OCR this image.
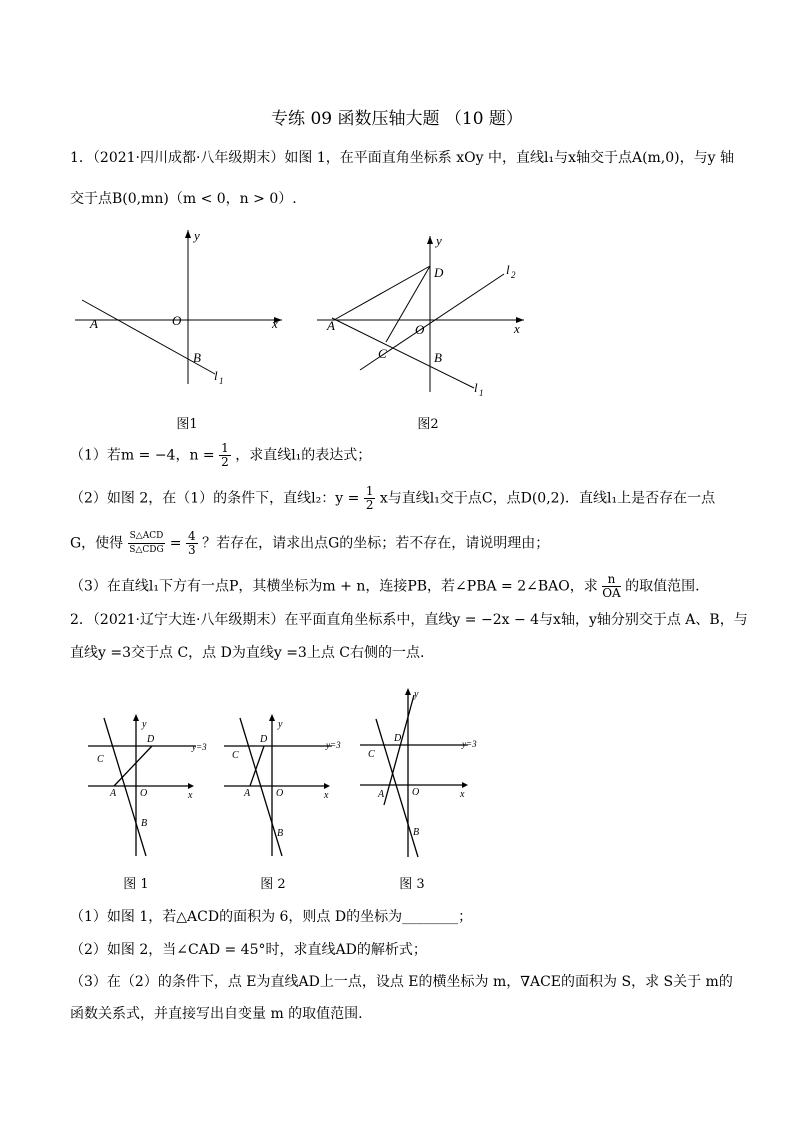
专练 09 函数压轴大题 （10 题）
1．（2021·四川成都·八年级期末）如图 1，在平面直角坐标系 xOy 中，直线l₁与x轴交于点A(m,0)，与y 轴
交于点B(0,mn)（m < 0，n > 0）.
y
x
O
A
B
l 1
图1
y
x
O
A
B
C
D	l 2
l 1
图2
（1）若m = −4，$n = \frac{1}{2}$ ，求直线l₁的表达式；
（2）如图 2，在（1）的条件下，直线l₂：$y = \frac{1}{2}$ x与直线l₁交于点C，点D(0,2)．直线l₁上是否存在一点
G，使得 $\frac{\text{S△ACD}}{\text{S△CDG}} = \frac{4}{3}$ ？若存在，请求出点G的坐标；若不存在，请说明理由；
（3）在直线l₁下方有一点P，其横坐标为m + n，连接PB，若∠PBA = 2∠BAO，求 $\frac{n}{OA}$ 的取值范围.
2．（2021·辽宁大连·八年级期末）在平面直角坐标系中，直线y = −2x − 4与x轴，y轴分别交于点 A、B，与
直线y =3交于点 C，点 D为直线y =3上点 C右侧的一点.
y
x
O
A
B
C
D
y=3
图 1
y
x
O
A
B
C
D	y=3
图 2
y
x
O
A
B
C
D	y=3
图 3
（1）如图 1，若△ACD的面积为 6，则点 D的坐标为________；
（2）如图 2，当∠CAD = 45°时，求直线AD的解析式；
（3）在（2）的条件下，点 E为直线AD上一点，设点 E的横坐标为 m，∇ACE的面积为 S，求 S关于 m的
函数关系式，并直接写出自变量 m 的取值范围.
